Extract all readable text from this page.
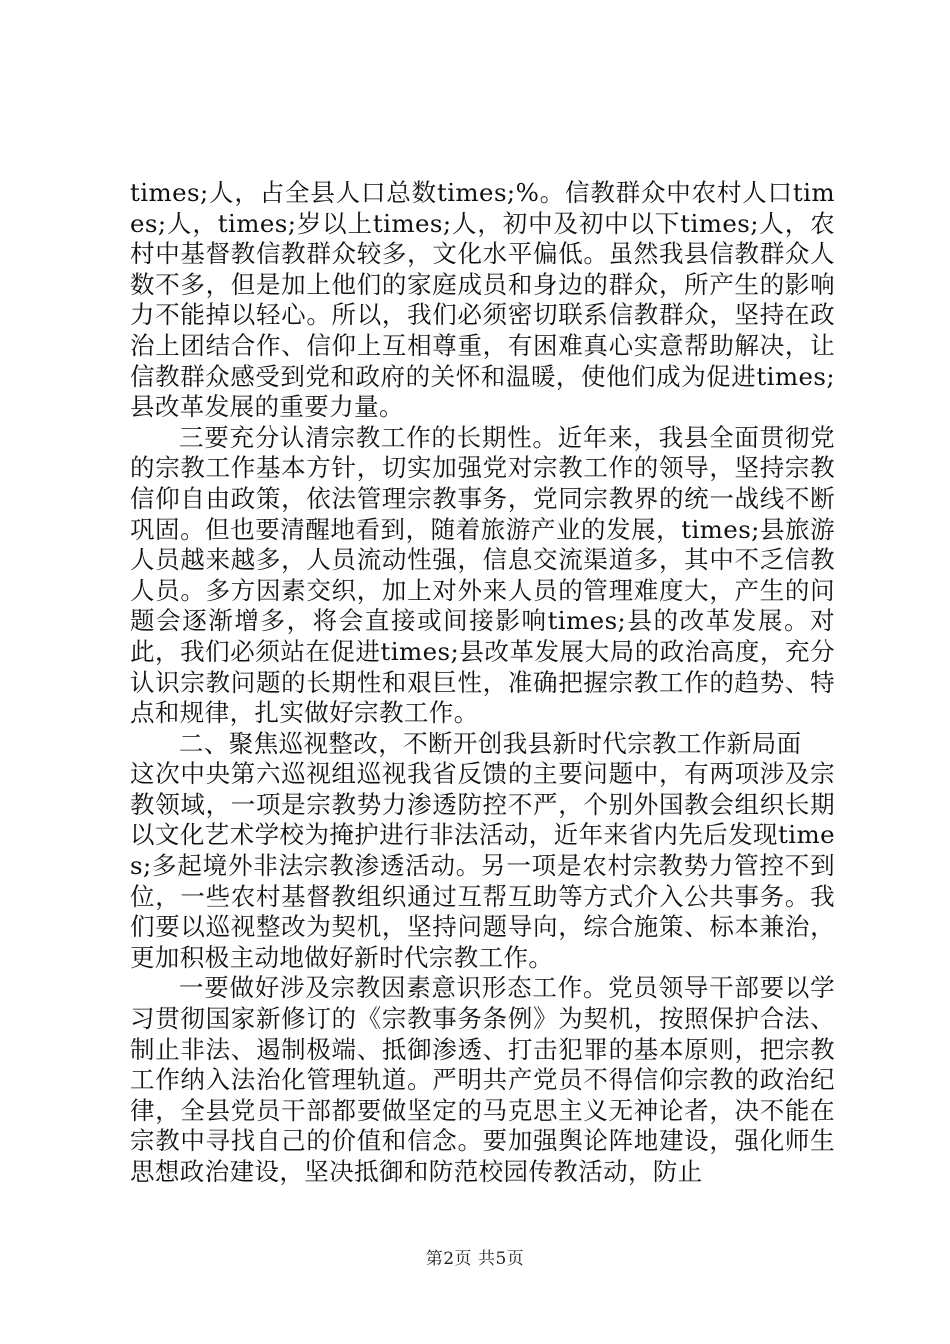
times;人，占全县人口总数times;%。信教群众中农村人口times;人，times;岁以上times;人，初中及初中以下times;人，农村中基督教信教群众较多，文化水平偏低。虽然我县信教群众人数不多，但是加上他们的家庭成员和身边的群众，所产生的影响力不能掉以轻心。所以，我们必须密切联系信教群众，坚持在政治上团结合作、信仰上互相尊重，有困难真心实意帮助解决，让信教群众感受到党和政府的关怀和温暖，使他们成为促进times;县改革发展的重要力量。

三要充分认清宗教工作的长期性。近年来，我县全面贯彻党的宗教工作基本方针，切实加强党对宗教工作的领导，坚持宗教信仰自由政策，依法管理宗教事务，党同宗教界的统一战线不断巩固。但也要清醒地看到，随着旅游产业的发展，times;县旅游人员越来越多，人员流动性强，信息交流渠道多，其中不乏信教人员。多方因素交织，加上对外来人员的管理难度大，产生的问题会逐渐增多，将会直接或间接影响times;县的改革发展。对此，我们必须站在促进times;县改革发展大局的政治高度，充分认识宗教问题的长期性和艰巨性，准确把握宗教工作的趋势、特点和规律，扎实做好宗教工作。

二、聚焦巡视整改，不断开创我县新时代宗教工作新局面

这次中央第六巡视组巡视我省反馈的主要问题中，有两项涉及宗教领域，一项是宗教势力渗透防控不严，个别外国教会组织长期以文化艺术学校为掩护进行非法活动，近年来省内先后发现times;多起境外非法宗教渗透活动。另一项是农村宗教势力管控不到位，一些农村基督教组织通过互帮互助等方式介入公共事务。我们要以巡视整改为契机，坚持问题导向，综合施策、标本兼治，更加积极主动地做好新时代宗教工作。

一要做好涉及宗教因素意识形态工作。党员领导干部要以学习贯彻国家新修订的《宗教事务条例》为契机，按照保护合法、制止非法、遏制极端、抵御渗透、打击犯罪的基本原则，把宗教工作纳入法治化管理轨道。严明共产党员不得信仰宗教的政治纪律，全县党员干部都要做坚定的马克思主义无神论者，决不能在宗教中寻找自己的价值和信念。要加强舆论阵地建设，强化师生思想政治建设，坚决抵御和防范校园传教活动，防止

第2页 共5页
